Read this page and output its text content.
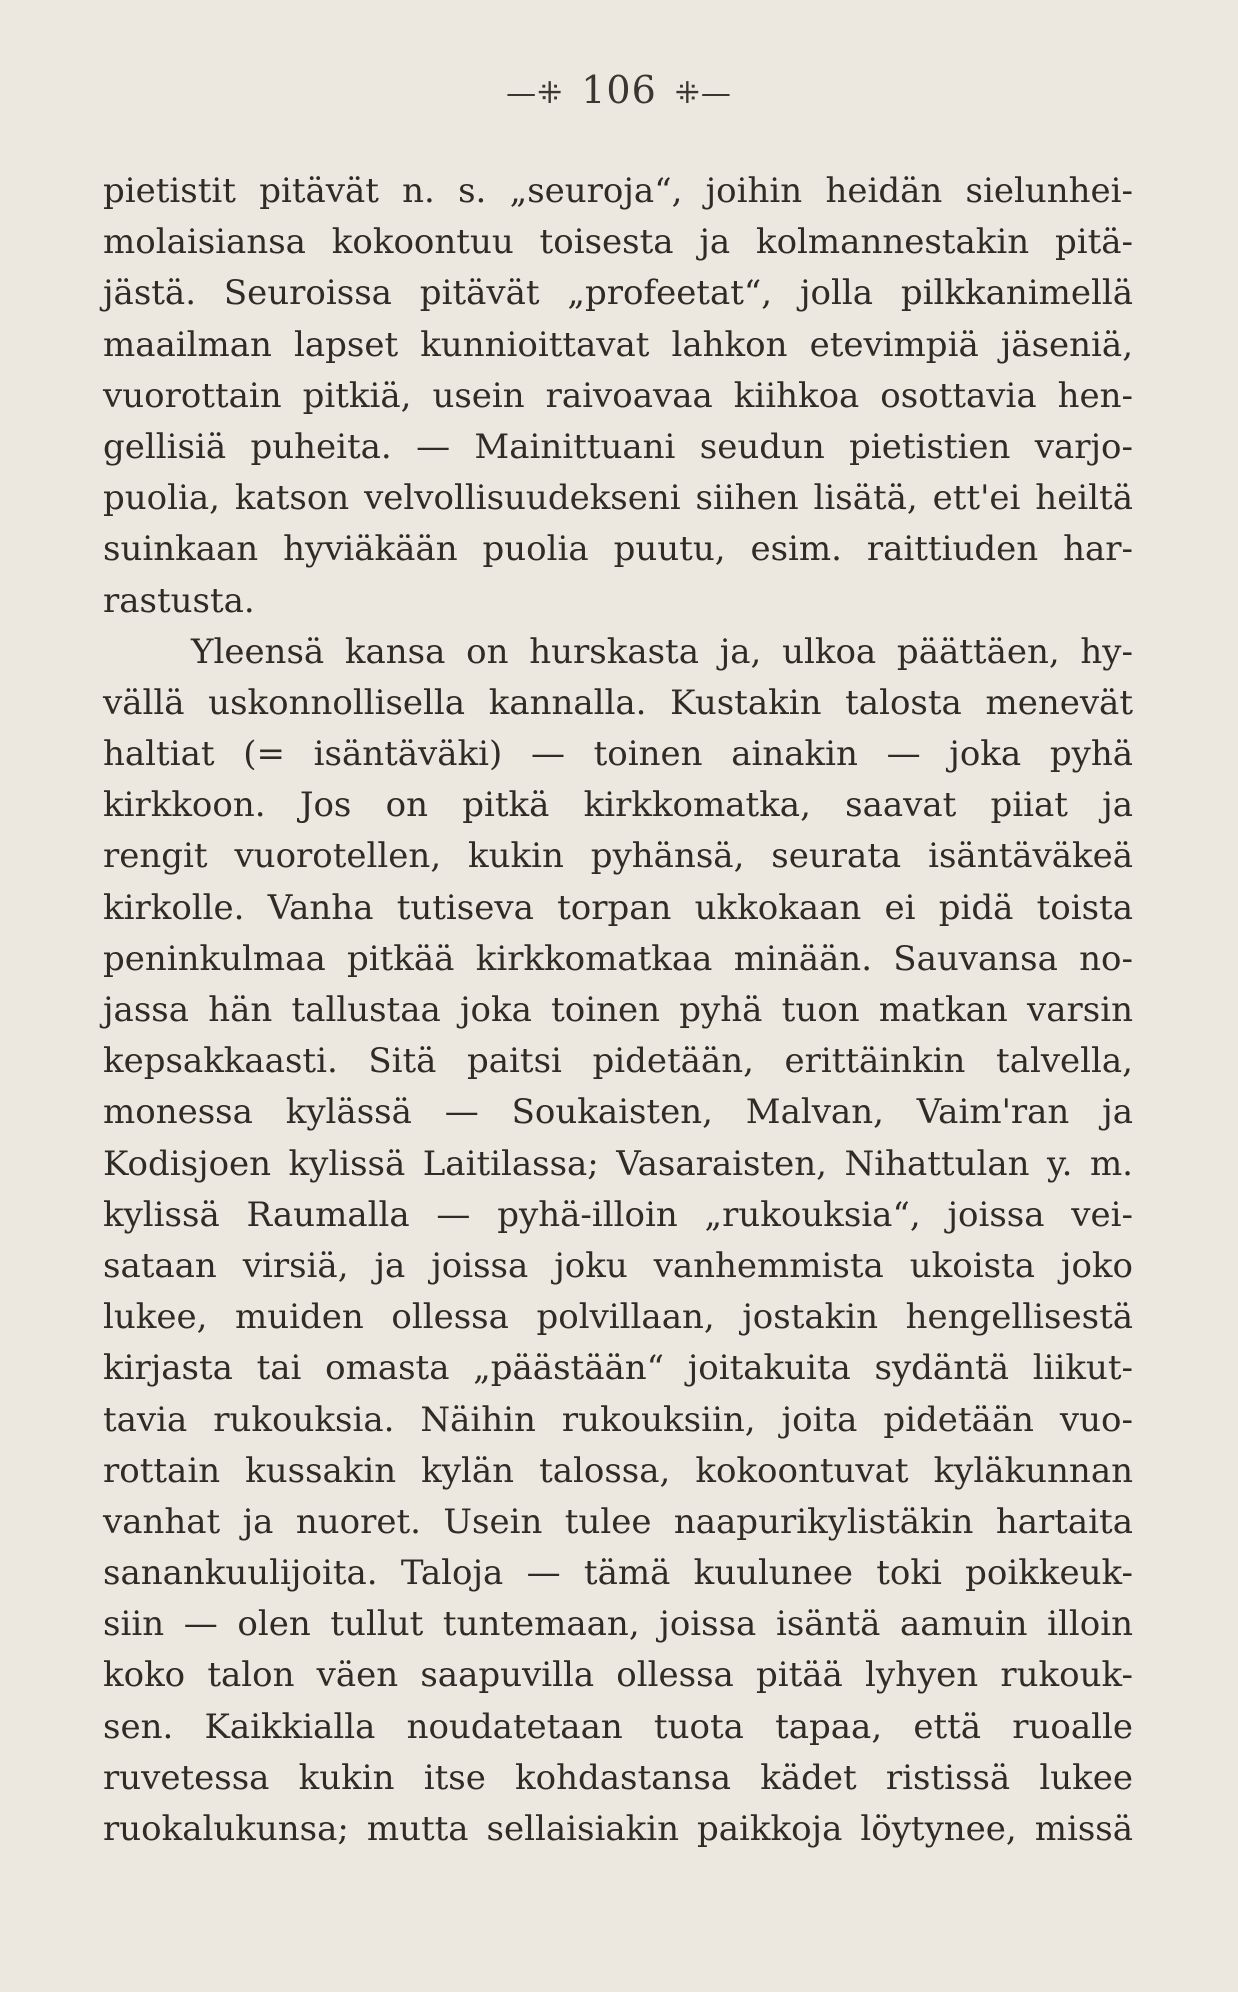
—⁜ 106 ⁜—
pietistit pitävät n. s. „seuroja“, joihin heidän sielunhei-
molaisiansa kokoontuu toisesta ja kolmannestakin pitä-
jästä. Seuroissa pitävät „profeetat“, jolla pilkkanimellä
maailman lapset kunnioittavat lahkon etevimpiä jäseniä,
vuorottain pitkiä, usein raivoavaa kiihkoa osottavia hen-
gellisiä puheita. — Mainittuani seudun pietistien varjo-
puolia, katson velvollisuudekseni siihen lisätä, ett'ei heiltä
suinkaan hyviäkään puolia puutu, esim. raittiuden har-
rastusta.
Yleensä kansa on hurskasta ja, ulkoa päättäen, hy-
vällä uskonnollisella kannalla. Kustakin talosta menevät
haltiat (= isäntäväki) — toinen ainakin — joka pyhä
kirkkoon. Jos on pitkä kirkkomatka, saavat piiat ja
rengit vuorotellen, kukin pyhänsä, seurata isäntäväkeä
kirkolle. Vanha tutiseva torpan ukkokaan ei pidä toista
peninkulmaa pitkää kirkkomatkaa minään. Sauvansa no-
jassa hän tallustaa joka toinen pyhä tuon matkan varsin
kepsakkaasti. Sitä paitsi pidetään, erittäinkin talvella,
monessa kylässä — Soukaisten, Malvan, Vaim'ran ja
Kodisjoen kylissä Laitilassa; Vasaraisten, Nihattulan y. m.
kylissä Raumalla — pyhä-illoin „rukouksia“, joissa vei-
sataan virsiä, ja joissa joku vanhemmista ukoista joko
lukee, muiden ollessa polvillaan, jostakin hengellisestä
kirjasta tai omasta „päästään“ joitakuita sydäntä liikut-
tavia rukouksia. Näihin rukouksiin, joita pidetään vuo-
rottain kussakin kylän talossa, kokoontuvat kyläkunnan
vanhat ja nuoret. Usein tulee naapurikylistäkin hartaita
sanankuulijoita. Taloja — tämä kuulunee toki poikkeuk-
siin — olen tullut tuntemaan, joissa isäntä aamuin illoin
koko talon väen saapuvilla ollessa pitää lyhyen rukouk-
sen. Kaikkialla noudatetaan tuota tapaa, että ruoalle
ruvetessa kukin itse kohdastansa kädet ristissä lukee
ruokalukunsa; mutta sellaisiakin paikkoja löytynee, missä
